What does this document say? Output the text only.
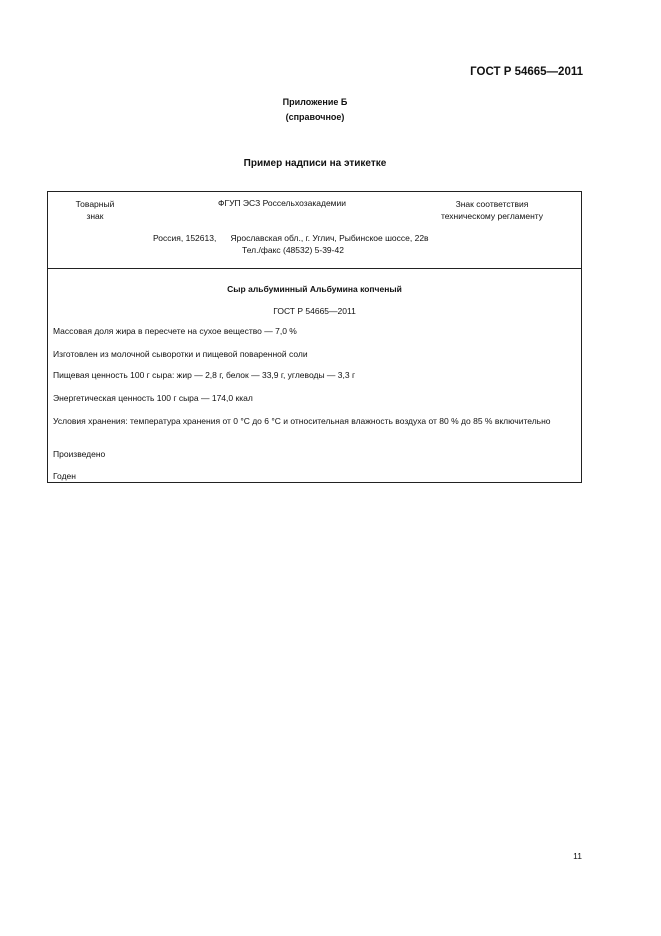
ГОСТ Р 54665—2011
Приложение Б
(справочное)
Пример надписи на этикетке
Товарный
знак
ФГУП ЭСЗ Россельхозакадемии	Знак соответствия
техническому регламенту
Россия, 152613,      Ярославская обл., г. Углич, Рыбинское шоссе, 22в
Тел./факс (48532) 5-39-42
Сыр альбуминный Альбумина копченый
ГОСТ Р 54665—2011
Массовая доля жира в пересчете на сухое вещество — 7,0 %
Изготовлен из молочной сыворотки и пищевой поваренной соли
Пищевая ценность 100 г сыра: жир — 2,8 г, белок — 33,9 г, углеводы — 3,3 г
Энергетическая ценность 100 г сыра — 174,0 ккал
Условия хранения: температура хранения от 0 °С до 6 °С и относительная влажность воздуха от 80 % до 85 % включительно
Произведено
Годен
11
